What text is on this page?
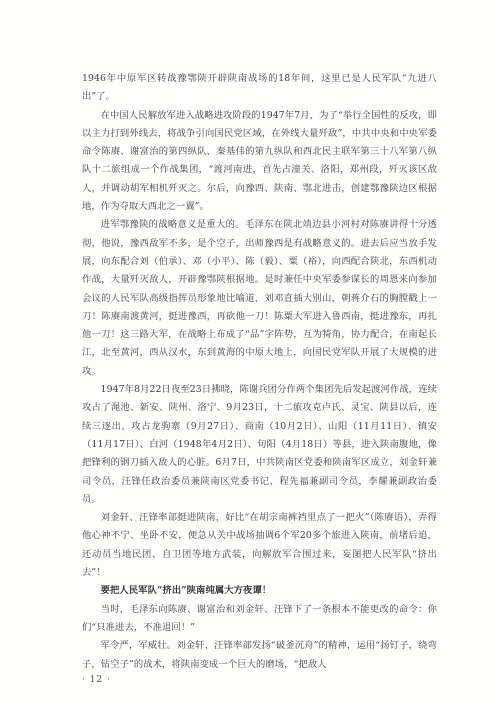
1946年中原军区转战豫鄂陕开辟陕南战场的18年间，这里已是人民军队“九进八出”了。

在中国人民解放军进入战略进攻阶段的1947年7月，为了“举行全国性的反攻，即以主力打到外线去，将战争引向国民党区域，在外线大量歼敌”，中共中央和中央军委命令陈赓、谢富治的第四纵队，秦基伟的第九纵队和西北民主联军第三十八军第八纵队十二旅组成一个作战集团，“渡河南进，首先占潼关、洛阳，郑州段，歼灭该区敌人，并调动胡军相机歼灭之。尔后，向豫西、陕南、鄂北进击，创建鄂豫陕边区根据地，作为夺取大西北之一翼”。

进军鄂豫陕的战略意义是重大的。毛泽东在陕北靖边县小河村对陈赓讲得十分透彻，他说，豫西敌军不多，是个空子，出师豫西是有战略意义的。进去后应当放手发展，向东配合刘（伯承）、邓（小平）、陈（毅）、粟（裕），向西配合陕北，东西机动作战，大量歼灭敌人，开辟豫鄂陕根据地。是时兼任中央军委参谋长的周恩来向参加会议的人民军队高级指挥员形象地比喻道，刘邓直插大别山，朝蒋介石的胸膛戳上一刀！陈赓南渡黄河，挺进豫西，再砍他一刀！陈粟大军进入鲁西南，挺进豫东，再扎他一刀！这三路大军，在战略上布成了“品”字阵势，互为犄角，协力配合，在南起长江，北至黄河，西从汉水，东到黄海的中原大地上，向国民党军队开展了大规模的进攻。

1947年8月22日夜至23日拂晓，陈谢兵团分作两个集团先后发起渡河作战，连续攻占了渑池、新安、陕州、洛宁、9月23日，十二旅攻克卢氏、灵宝、陕县以后，连续三逐出，攻占龙驹寨（9月27日）、商南（10月2日）、山阳（11月11日）、镇安（11月17日）、白河（1948年4月2日）、旬阳（4月18日）等县，进入陕南腹地，像把锋利的钢刀插入敌人的心脏。6月7日，中共陕南区党委和陕南军区成立，刘金轩兼司令员，汪锋任政治委员兼陕南区党委书记，程先福兼副司令员，李耀兼副政治委员。

刘金轩、汪锋率部挺进陕南，好比“在胡宗南裤裆里点了一把火”（陈赓语），弄得他心神不宁、坐卧不安，便急从关中战场抽调6个军20多个旅进入陕南，前堵后追，还动员当地民团、自卫团等地方武装，向解放军合围过来，妄图把人民军队“挤出去”！

要把人民军队“挤出”陕南纯属大方夜谭！

当时，毛泽东向陈赓、谢富治和刘金轩、汪锋下了一条根本不能更改的命令：你们“只准进去，不准退回！”

军令严，军威壮。刘金轩、汪锋率部发扬“破釜沉舟”的精神，运用“扬钉子，绕弯子，钻空子”的战术，将陕南变成一个巨大的磨场，“把敌人

· 12 ·
